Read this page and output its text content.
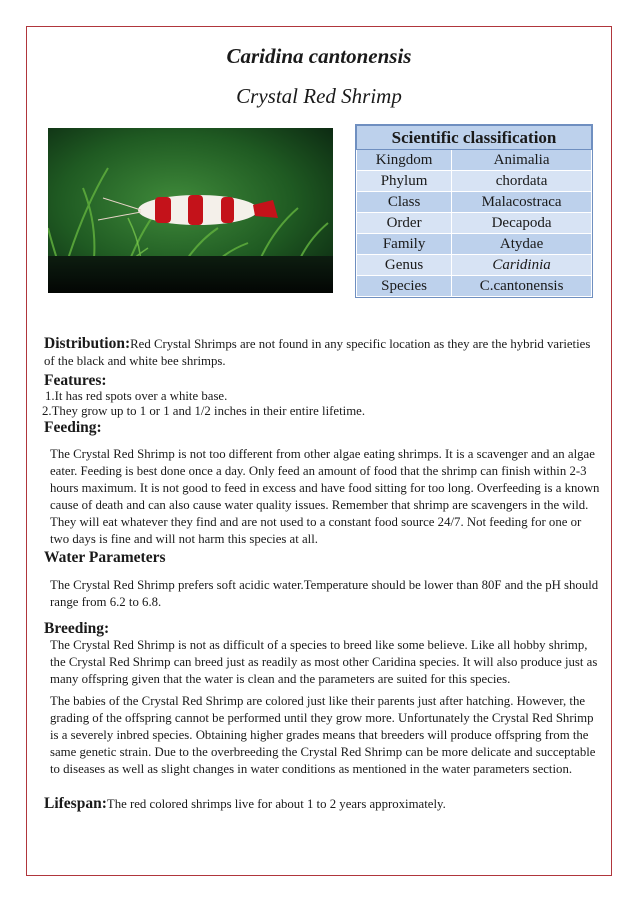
Caridina cantonensis
Crystal Red Shrimp
Scientific classification	
Kingdom	Animalia
Phylum	chordata
Class	Malacostraca
Order	Decapoda
Family	Atydae
Genus	Caridinia
Species	C.cantonensis
Distribution:Red Crystal Shrimps are not found in any specific location as they are the hybrid varieties of the black and white bee shrimps.
Features:
1.It has red spots over a white base.
2.They grow up to 1 or 1 and 1/2 inches in their entire lifetime.
Feeding:
The Crystal Red Shrimp is not too different from other algae eating shrimps. It is a scavenger and an algae eater. Feeding is best done once a day. Only feed an amount of food that the shrimp can finish within 2-3 hours maximum. It is not good to feed in excess and have food sitting for too long. Overfeeding is a known cause of death and can also cause water quality issues. Remember that shrimp are scavengers in the wild. They will eat whatever they find and are not used to a constant food source 24/7. Not feeding for one or two days is fine and will not harm this species at all.
Water Parameters
The Crystal Red Shrimp prefers soft acidic water.Temperature should be lower than 80F and the pH should range from 6.2 to 6.8.
Breeding:
The Crystal Red Shrimp is not as difficult of a species to breed like some believe. Like all hobby shrimp, the Crystal Red Shrimp can breed just as readily as most other Caridina species. It will also produce just as many offspring given that the water is clean and the parameters are suited for this species.
The babies of the Crystal Red Shrimp are colored just like their parents just after hatching. However, the grading of the offspring cannot be performed until they grow more. Unfortunately the Crystal Red Shrimp is a severely inbred species. Obtaining higher grades means that breeders will produce offspring from the same genetic strain. Due to the overbreeding the Crystal Red Shrimp can be more delicate and succeptable to diseases as well as slight changes in water conditions as mentioned in the water parameters section.
Lifespan:The red colored shrimps live for about 1 to 2 years approximately.
